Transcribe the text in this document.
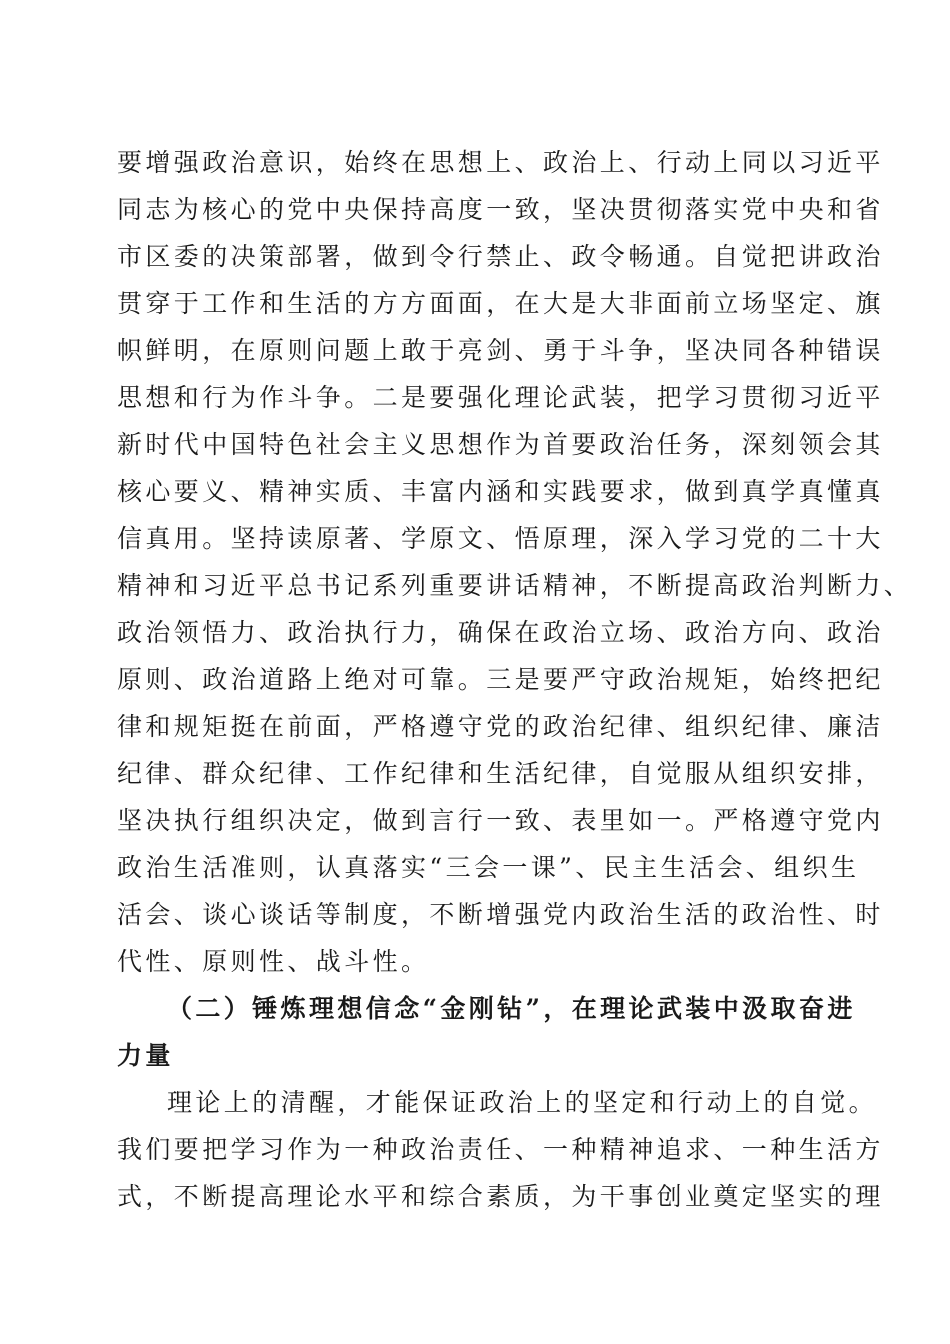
要增强政治意识，始终在思想上、政治上、行动上同以习近平
同志为核心的党中央保持高度一致，坚决贯彻落实党中央和省
市区委的决策部署，做到令行禁止、政令畅通。自觉把讲政治
贯穿于工作和生活的方方面面，在大是大非面前立场坚定、旗
帜鲜明，在原则问题上敢于亮剑、勇于斗争，坚决同各种错误
思想和行为作斗争。二是要强化理论武装，把学习贯彻习近平
新时代中国特色社会主义思想作为首要政治任务，深刻领会其
核心要义、精神实质、丰富内涵和实践要求，做到真学真懂真
信真用。坚持读原著、学原文、悟原理，深入学习党的二十大
精神和习近平总书记系列重要讲话精神，不断提高政治判断力、
政治领悟力、政治执行力，确保在政治立场、政治方向、政治
原则、政治道路上绝对可靠。三是要严守政治规矩，始终把纪
律和规矩挺在前面，严格遵守党的政治纪律、组织纪律、廉洁
纪律、群众纪律、工作纪律和生活纪律，自觉服从组织安排，
坚决执行组织决定，做到言行一致、表里如一。严格遵守党内
政治生活准则，认真落实“三会一课”、民主生活会、组织生
活会、谈心谈话等制度，不断增强党内政治生活的政治性、时
代性、原则性、战斗性。
（二）锤炼理想信念“金刚钻”，在理论武装中汲取奋进
力量
理论上的清醒，才能保证政治上的坚定和行动上的自觉。
我们要把学习作为一种政治责任、一种精神追求、一种生活方
式，不断提高理论水平和综合素质，为干事创业奠定坚实的理
